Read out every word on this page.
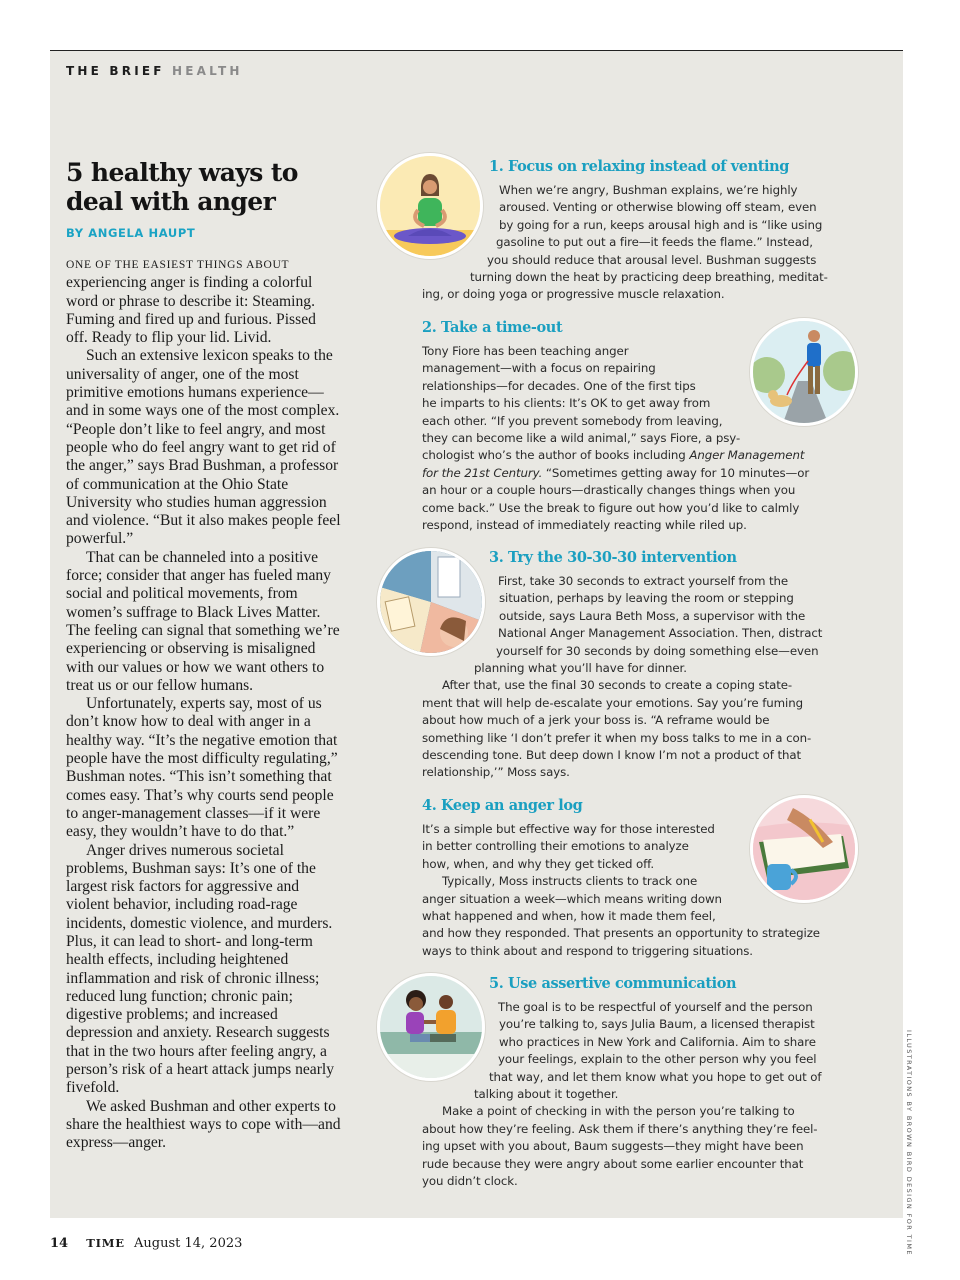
THE BRIEF HEALTH
5 healthy ways to
deal with anger
BY ANGELA HAUPT

ONE OF THE EASIEST THINGS ABOUT experiencing anger is finding a colorful word or phrase to describe it: Steaming. Fuming and fired up and furious. Pissed off. Ready to flip your lid. Livid.

Such an extensive lexicon speaks to the universality of anger, one of the most primitive emotions humans experience—and in some ways one of the most complex. “People don’t like to feel angry, and most people who do feel angry want to get rid of the anger,” says Brad Bushman, a professor of communication at the Ohio State University who studies human aggression and violence. “But it also makes people feel powerful.”

That can be channeled into a positive force; consider that anger has fueled many social and political movements, from women’s suffrage to Black Lives Matter. The feeling can signal that something we’re experiencing or observing is misaligned with our values or how we want others to treat us or our fellow humans.

Unfortunately, experts say, most of us don’t know how to deal with anger in a healthy way. “It’s the negative emotion that people have the most difficulty regulating,” Bushman notes. “This isn’t something that comes easy. That’s why courts send people to anger-management classes—if it were easy, they wouldn’t have to do that.”

Anger drives numerous societal problems, Bushman says: It’s one of the largest risk factors for aggressive and violent behavior, including road-rage incidents, domestic violence, and murders. Plus, it can lead to short- and long-term health effects, including heightened inflammation and risk of chronic illness; reduced lung function; chronic pain; digestive problems; and increased depression and anxiety. Research suggests that in the two hours after feeling angry, a person’s risk of a heart attack jumps nearly fivefold.

We asked Bushman and other experts to share the healthiest ways to cope with—and express—anger.

1. Focus on relaxing instead of venting
When we’re angry, Bushman explains, we’re highly
aroused. Venting or otherwise blowing off steam, even
by going for a run, keeps arousal high and is “like using
gasoline to put out a fire—it feeds the flame.” Instead,
you should reduce that arousal level. Bushman suggests
turning down the heat by practicing deep breathing, meditat-
ing, or doing yoga or progressive muscle relaxation.
2. Take a time-out
Tony Fiore has been teaching anger
management—with a focus on repairing
relationships—for decades. One of the first tips
he imparts to his clients: It’s OK to get away from
each other. “If you prevent somebody from leaving,
they can become like a wild animal,” says Fiore, a psy-
chologist who’s the author of books including Anger Management
for the 21st Century. “Sometimes getting away for 10 minutes—or
an hour or a couple hours—drastically changes things when you
come back.” Use the break to figure out how you’d like to calmly
respond, instead of immediately reacting while riled up.
3. Try the 30-30-30 intervention
First, take 30 seconds to extract yourself from the
situation, perhaps by leaving the room or stepping
outside, says Laura Beth Moss, a supervisor with the
National Anger Management Association. Then, distract
yourself for 30 seconds by doing something else—even
planning what you’ll have for dinner.
After that, use the final 30 seconds to create a coping state-
ment that will help de-escalate your emotions. Say you’re fuming
about how much of a jerk your boss is. “A reframe would be
something like ‘I don’t prefer it when my boss talks to me in a con-
descending tone. But deep down I know I’m not a product of that
relationship,’” Moss says.
4. Keep an anger log
It’s a simple but effective way for those interested
in better controlling their emotions to analyze
how, when, and why they get ticked off.
Typically, Moss instructs clients to track one
anger situation a week—which means writing down
what happened and when, how it made them feel,
and how they responded. That presents an opportunity to strategize
ways to think about and respond to triggering situations.
5. Use assertive communication
The goal is to be respectful of yourself and the person
you’re talking to, says Julia Baum, a licensed therapist
who practices in New York and California. Aim to share
your feelings, explain to the other person why you feel
that way, and let them know what you hope to get out of
talking about it together.
Make a point of checking in with the person you’re talking to
about how they’re feeling. Ask them if there’s anything they’re feel-
ing upset with you about, Baum suggests—they might have been
rude because they were angry about some earlier encounter that
you didn’t clock.	ILLUSTRATIONS BY BROWN BIRD DESIGN FOR TIME
14 TIME August 14, 2023
